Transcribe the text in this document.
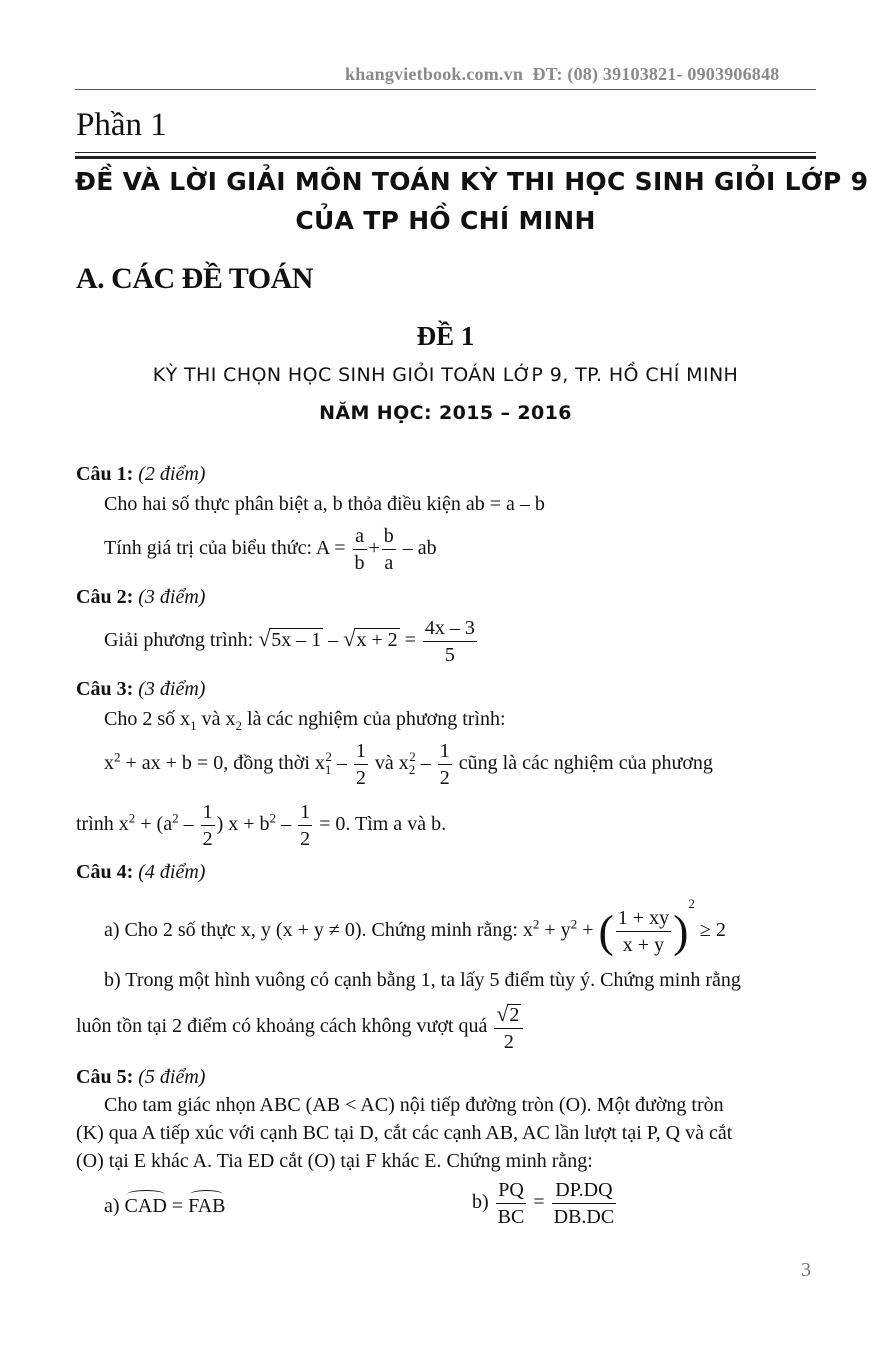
khangvietbook.com.vn ĐT: (08) 39103821- 0903906848
Phần 1
ĐỀ VÀ LỜI GIẢI MÔN TOÁN KỲ THI HỌC SINH GIỎI LỚP 9
CỦA TP HỒ CHÍ MINH
A. CÁC ĐỀ TOÁN
ĐỀ 1
KỲ THI CHỌN HỌC SINH GIỎI TOÁN LỚP 9, TP. HỒ CHÍ MINH
NĂM HỌC: 2015 – 2016
Câu 1: (2 điểm)
Cho hai số thực phân biệt a, b thỏa điều kiện ab = a – b
Tính giá trị của biểu thức: $A = \frac{a}{b} + \frac{b}{a}$ – ab
Câu 2: (3 điểm)
Giải phương trình: $√5x - 1 - √x + 2 = \frac{4x - 3}{5}$
Câu 3: (3 điểm)
Cho 2 số $x_1$ và $x_2$ là các nghiệm của phương trình:
$x^2$ + ax + b = 0, đồng thời $x_1^2 - \frac{1}{2}$ và $x_2^2 - \frac{1}{2}$ cũng là các nghiệm của phương
trình $x^2 + (a^2 - \frac{1}{2}$ ) $x + b^2 - \frac{1}{2} = 0$. Tìm a và b.
Câu 4: (4 điểm)
a) Cho 2 số thực x, y (x + y ≠ 0). Chứng minh rằng: $x^2 + y^2$ + ( $\frac{1 + xy}{x + y} )^2 \ge 2$
b) Trong một hình vuông có cạnh bằng 1, ta lấy 5 điểm tùy ý. Chứng minh rằng
luôn tồn tại 2 điểm có khoảng cách không vượt quá $\frac{√2}{2}$
Câu 5: (5 điểm)
Cho tam giác nhọn ABC (AB < AC) nội tiếp đường tròn (O). Một đường tròn
(K) qua A tiếp xúc với cạnh BC tại D, cắt các cạnh AB, AC lần lượt tại P, Q và cắt
(O) tại E khác A. Tia ED cắt (O) tại F khác E. Chứng minh rằng:
a) CAD = FAB	$b) \frac{PQ}{BC} = \frac{DP.DQ}{DB.DC}$
3
